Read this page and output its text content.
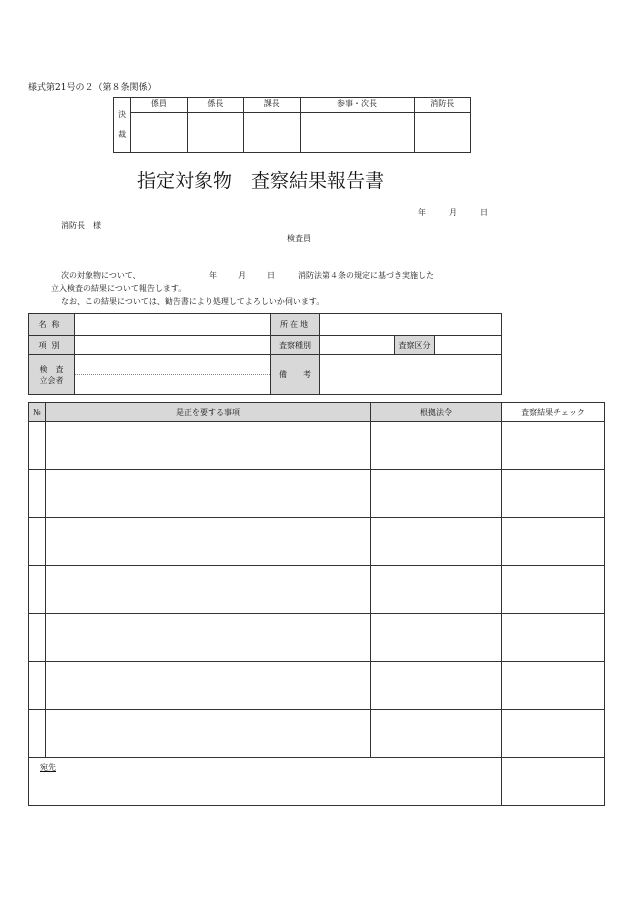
様式第21号の２（第８条関係）
決
裁	係員	係長	課長	参事・次長	消防長

指定対象物　査察結果報告書
年	月	日
消防長　様
検査員
次の対象物について、	年	月	日	消防法第４条の規定に基づき実施した
立入検査の結果について報告します。
なお、この結果については、勧告書により処理してよろしいか伺います。
名称		所在地			
項別		査察種別		査察区分	

検　査
立会者		備　　考			

№	是正を要する事項	根拠法令	査察結果チェック

宛先			
